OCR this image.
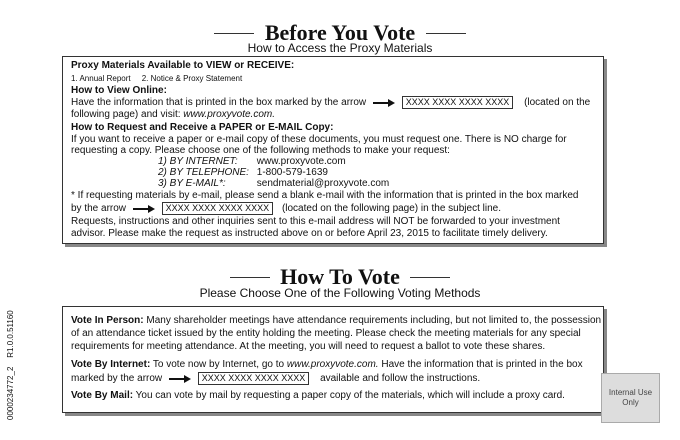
Before You Vote
How to Access the Proxy Materials
Proxy Materials Available to VIEW or RECEIVE:
1. Annual Report     2. Notice & Proxy Statement
How to View Online:
Have the information that is printed in the box marked by the arrow	XXXX XXXX XXXX XXXX (located on the
following page) and visit: www.proxyvote.com.
How to Request and Receive a PAPER or E-MAIL Copy:
If you want to receive a paper or e-mail copy of these documents, you must request one. There is NO charge for
requesting a copy. Please choose one of the following methods to make your request:
1) BY INTERNET: www.proxyvote.com
2) BY TELEPHONE: 1-800-579-1639
3) BY E-MAIL*:	sendmaterial@proxyvote.com
* If requesting materials by e-mail, please send a blank e-mail with the information that is printed in the box marked
by the arrow	XXXX XXXX XXXX XXXX (located on the following page) in the subject line.
Requests, instructions and other inquiries sent to this e-mail address will NOT be forwarded to your investment
advisor. Please make the request as instructed above on or before April 23, 2015 to facilitate timely delivery.
How To Vote
Please Choose One of the Following Voting Methods
Vote In Person: Many shareholder meetings have attendance requirements including, but not limited to, the possession
of an attendance ticket issued by the entity holding the meeting. Please check the meeting materials for any special
requirements for meeting attendance. At the meeting, you will need to request a ballot to vote these shares.
Vote By Internet: To vote now by Internet, go to www.proxyvote.com. Have the information that is printed in the box
marked by the arrow	XXXX XXXX XXXX XXXX available and follow the instructions.
Vote By Mail: You can vote by mail by requesting a paper copy of the materials, which will include a proxy card.
0000234772_2    R1.0.0.51160	Internal Use Only
